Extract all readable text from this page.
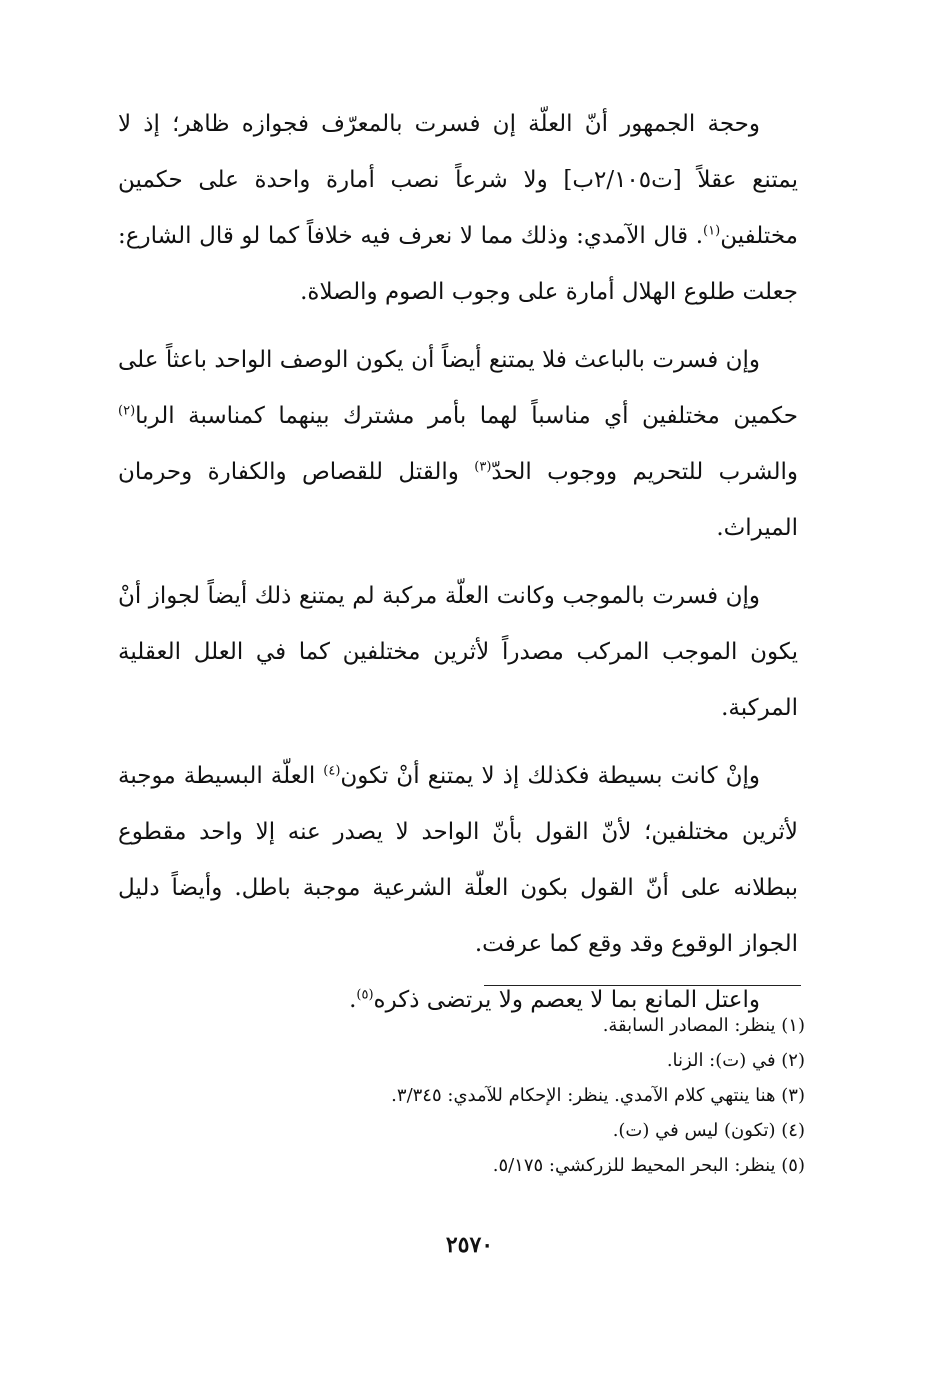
وحجة الجمهور أنّ العلّة إن فسرت بالمعرّف فجوازه ظاهر؛ إذ لا يمتنع عقلاً [ت٢/١٠٥ب] ولا شرعاً نصب أمارة واحدة على حكمين مختلفين$^{(١)}$. قال الآمدي: وذلك مما لا نعرف فيه خلافاً كما لو قال الشارع: جعلت طلوع الهلال أمارة على وجوب الصوم والصلاة.

وإن فسرت بالباعث فلا يمتنع أيضاً أن يكون الوصف الواحد باعثاً على حكمين مختلفين أي مناسباً لهما بأمر مشترك بينهما كمناسبة الربا$^{(٢)}$ والشرب للتحريم ووجوب الحدّ$^{(٣)}$ والقتل للقصاص والكفارة وحرمان الميراث.

وإن فسرت بالموجب وكانت العلّة مركبة لم يمتنع ذلك أيضاً لجواز أنْ يكون الموجب المركب مصدراً لأثرين مختلفين كما في العلل العقلية المركبة.

وإنْ كانت بسيطة فكذلك إذ لا يمتنع أنْ تكون$^{(٤)}$ العلّة البسيطة موجبة لأثرين مختلفين؛ لأنّ القول بأنّ الواحد لا يصدر عنه إلا واحد مقطوع ببطلانه على أنّ القول بكون العلّة الشرعية موجبة باطل. وأيضاً دليل الجواز الوقوع وقد وقع كما عرفت.

واعتل المانع بما لا يعصم ولا يرتضى ذكره$^{(٥)}$.

(١) ينظر: المصادر السابقة.

(٢) في (ت): الزنا.

(٣) هنا ينتهي كلام الآمدي. ينظر: الإحكام للآمدي: ٣/٣٤٥.

(٤) (تكون) ليس في (ت).

(٥) ينظر: البحر المحيط للزركشي: ٥/١٧٥.

٢٥٧٠
